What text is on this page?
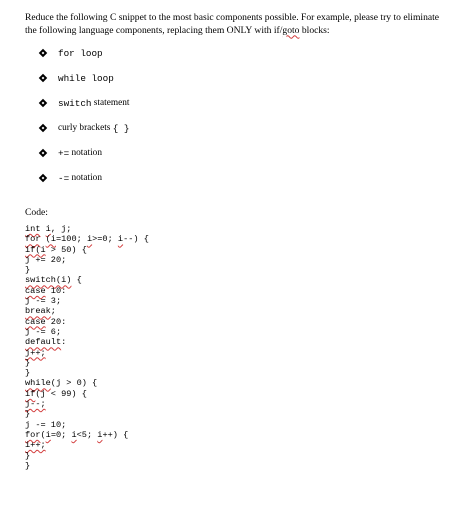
Reduce the following C snippet to the most basic components possible. For example, please try to eliminate the following language components, replacing them ONLY with if/goto blocks:

for loop
while loop
switch statement
curly brackets { }
+= notation
-= notation

Code:

int i, j;
for (i=100; i>=0; i--) {
if(i > 50) {
j += 20;
}
switch(i) {
case 10:
j -= 3;
break;
case 20:
j -= 6;
default:
j++;
}
}
while(j > 0) {
if(j < 99) {
j--;
}
j -= 10;
for(i=0; i<5; i++) {
i++;
}
}
